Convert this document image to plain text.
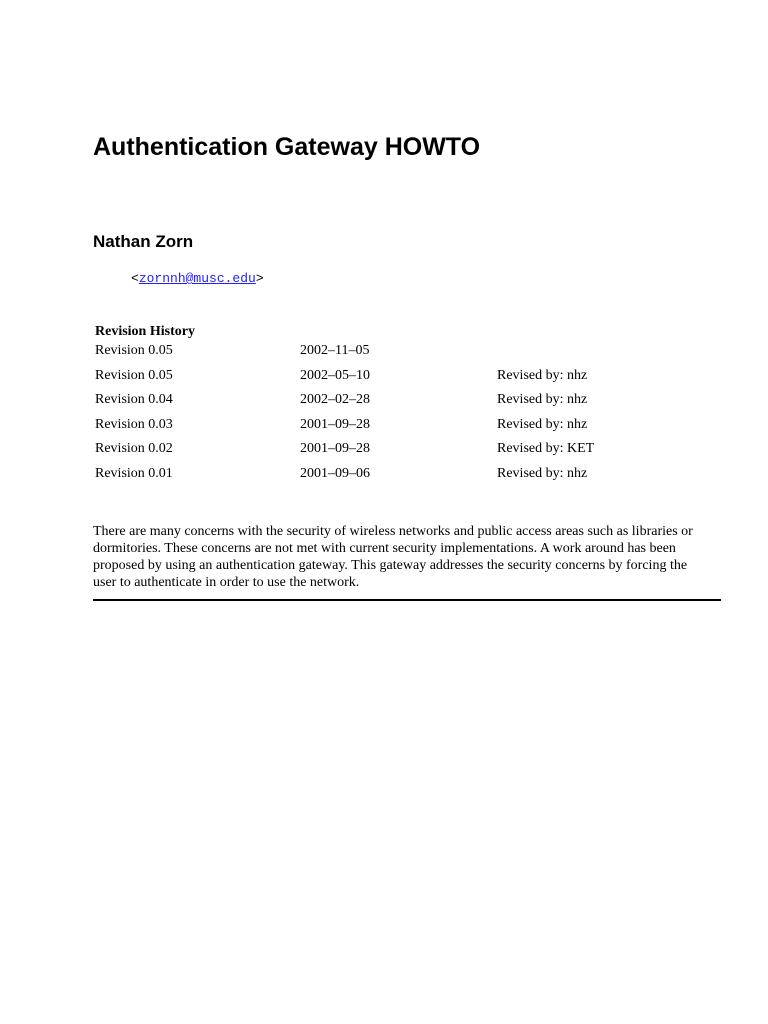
Authentication Gateway HOWTO
Nathan Zorn
<zornnh@musc.edu>
Revision History
Revision 0.05	2002–11–05
Revision 0.05	2002–05–10	Revised by: nhz
Revision 0.04	2002–02–28	Revised by: nhz
Revision 0.03	2001–09–28	Revised by: nhz
Revision 0.02	2001–09–28	Revised by: KET
Revision 0.01	2001–09–06	Revised by: nhz

There are many concerns with the security of wireless networks and public access areas such as libraries or dormitories. These concerns are not met with current security implementations. A work around has been proposed by using an authentication gateway. This gateway addresses the security concerns by forcing the user to authenticate in order to use the network.
